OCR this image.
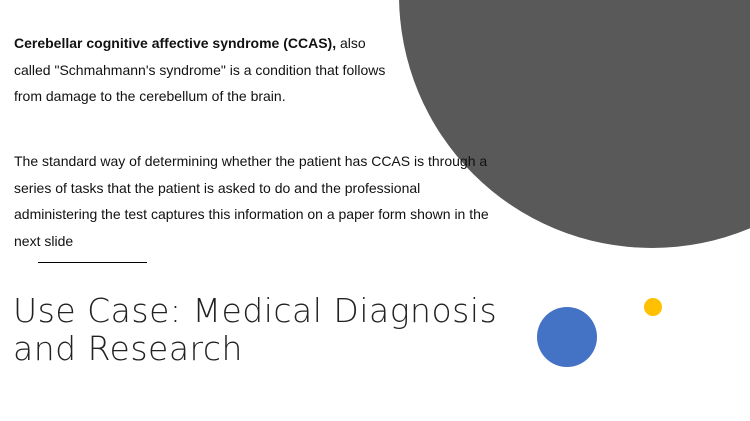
Cerebellar cognitive affective syndrome (CCAS), also called "Schmahmann's syndrome" is a condition that follows from damage to the cerebellum of the brain.

The standard way of determining whether the patient has CCAS is through a series of tasks that the patient is asked to do and the professional administering the test captures this information on a paper form shown in the next slide

Use Case: Medical Diagnosis
and Research
